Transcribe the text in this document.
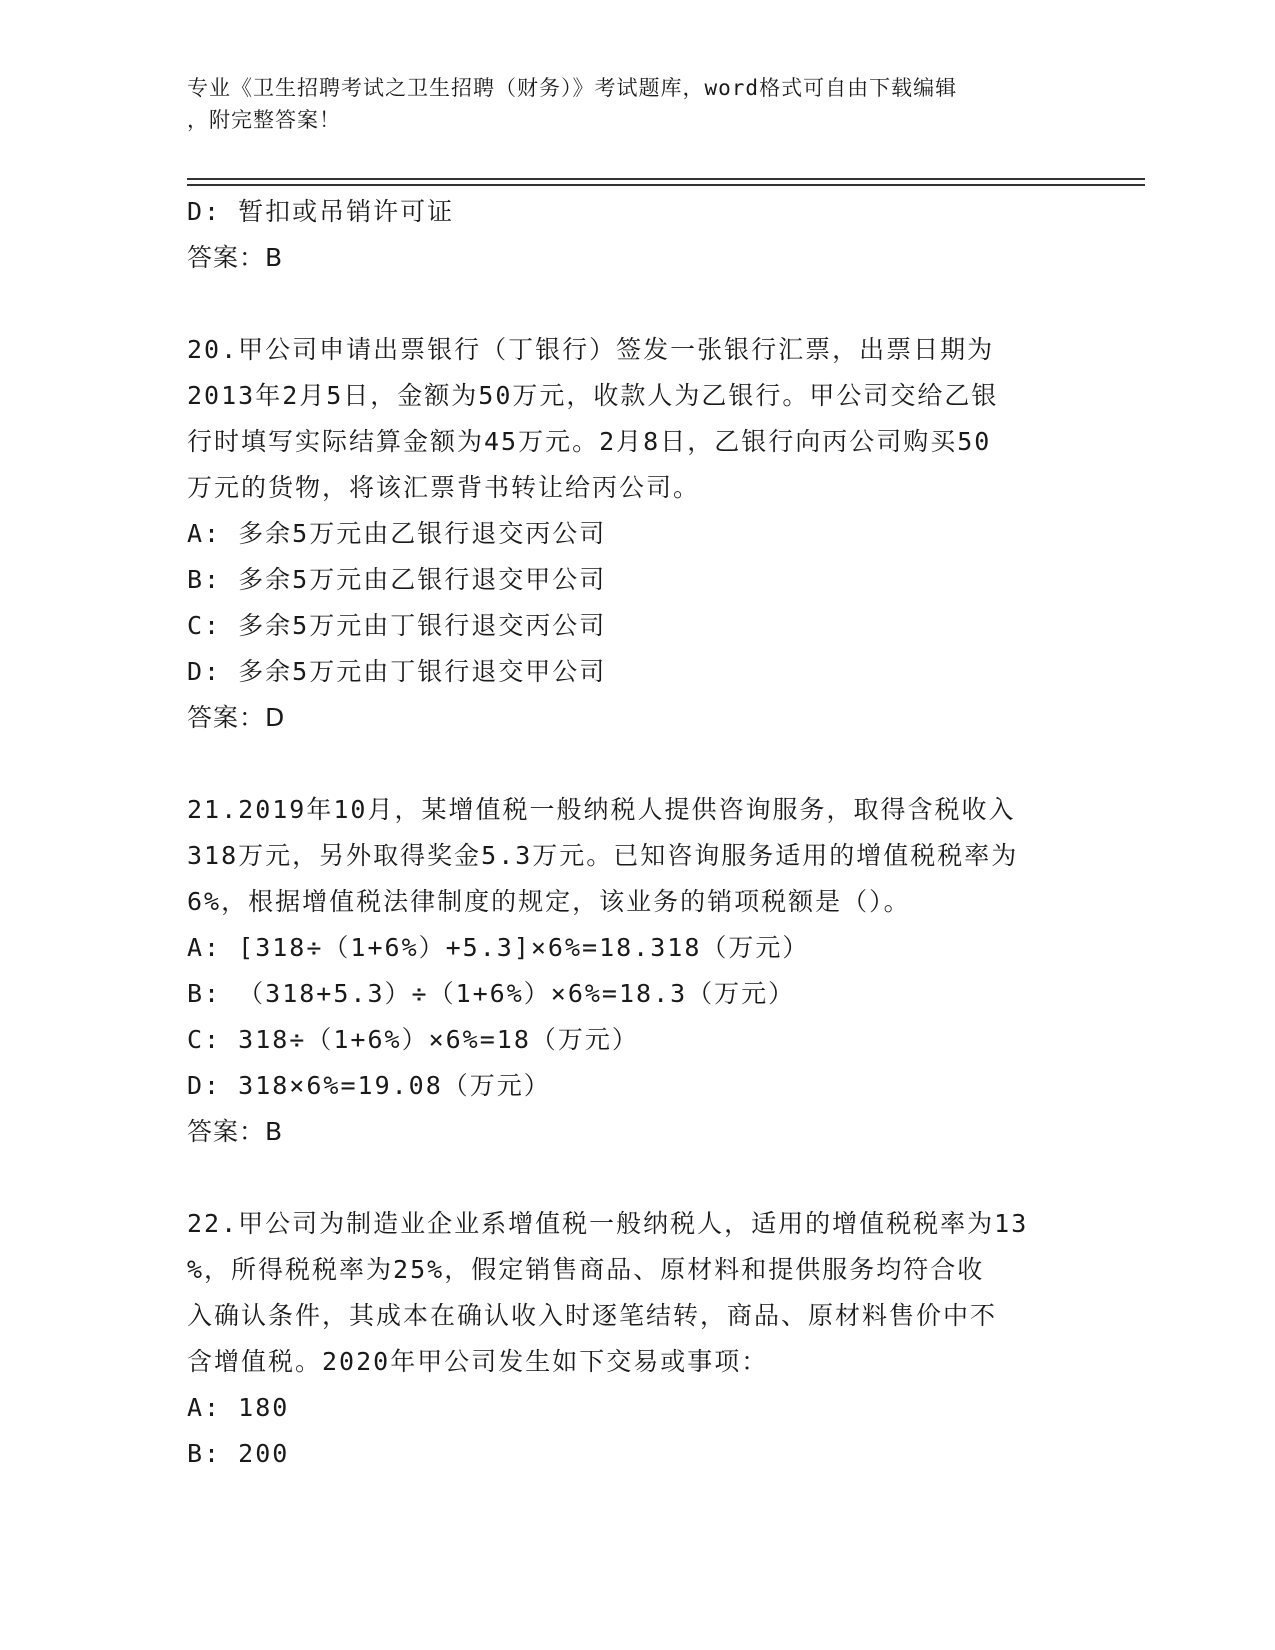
专业《卫生招聘考试之卫生招聘（财务）》考试题库，word格式可自由下载编辑
，附完整答案！
D: 暂扣或吊销许可证
答案：B
20.甲公司申请出票银行（丁银行）签发一张银行汇票，出票日期为
2013年2月5日，金额为50万元，收款人为乙银行。甲公司交给乙银
行时填写实际结算金额为45万元。2月8日，乙银行向丙公司购买50
万元的货物，将该汇票背书转让给丙公司。
A: 多余5万元由乙银行退交丙公司
B: 多余5万元由乙银行退交甲公司
C: 多余5万元由丁银行退交丙公司
D: 多余5万元由丁银行退交甲公司
答案：D
21.2019年10月，某增值税一般纳税人提供咨询服务，取得含税收入
318万元，另外取得奖金5.3万元。已知咨询服务适用的增值税税率为
6%，根据增值税法律制度的规定，该业务的销项税额是（）。
A: [318÷（1+6%）+5.3]×6%=18.318（万元）
B: （318+5.3）÷（1+6%）×6%=18.3（万元）
C: 318÷（1+6%）×6%=18（万元）
D: 318×6%=19.08（万元）
答案：B
22.甲公司为制造业企业系增值税一般纳税人，适用的增值税税率为13
%，所得税税率为25%，假定销售商品、原材料和提供服务均符合收
入确认条件，其成本在确认收入时逐笔结转，商品、原材料售价中不
含增值税。2020年甲公司发生如下交易或事项：
A: 180
B: 200
